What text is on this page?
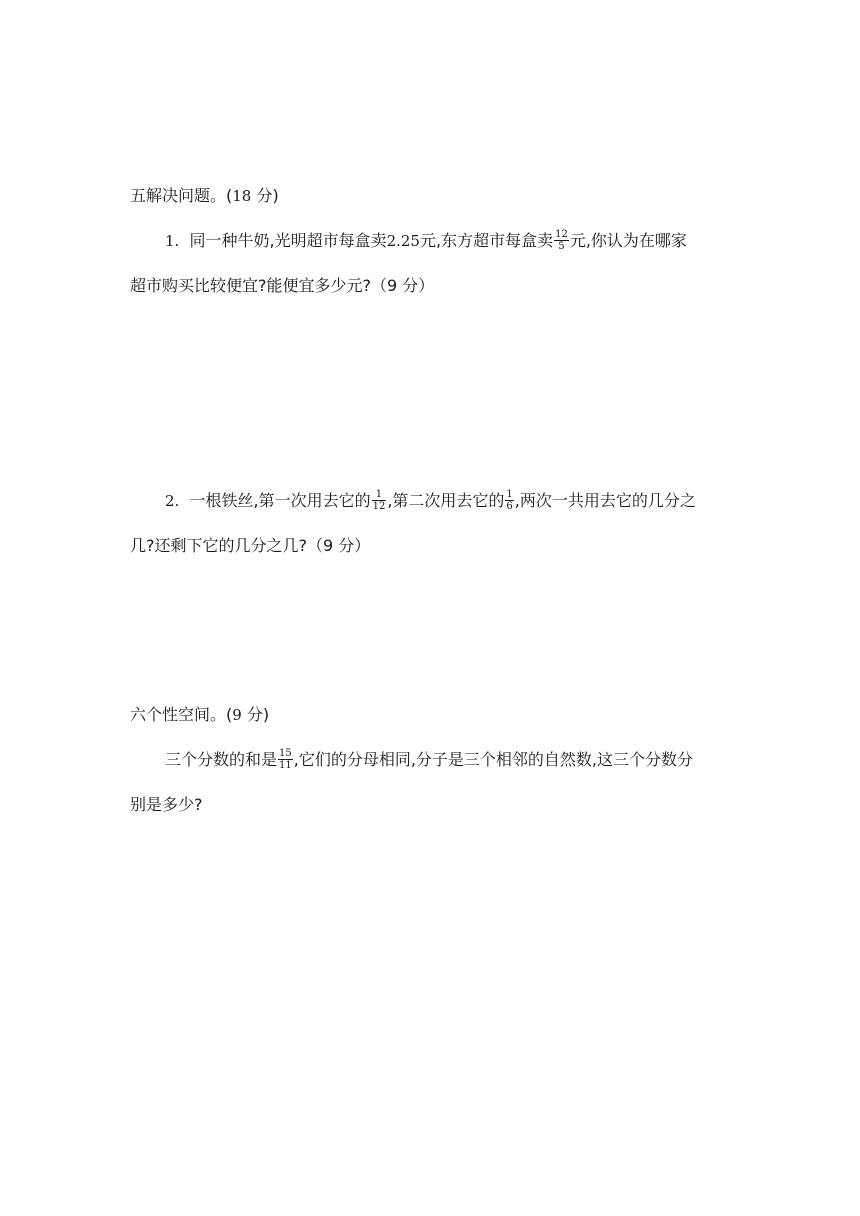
五解决问题。(18 分)
1. 同一种牛奶,光明超市每盒卖2.25元,东方超市每盒卖 $\frac{12}{5}$ 元,你认为在哪家
超市购买比较便宜?能便宜多少元?（9 分）
2. 一根铁丝,第一次用去它的 $\frac{1}{12}$ ,第二次用去它的 $\frac{1}{6}$ ,两次一共用去它的几分之
几?还剩下它的几分之几?（9 分）
六个性空间。(9 分)
三个分数的和是 $\frac{15}{11}$ ,它们的分母相同,分子是三个相邻的自然数,这三个分数分
别是多少?
